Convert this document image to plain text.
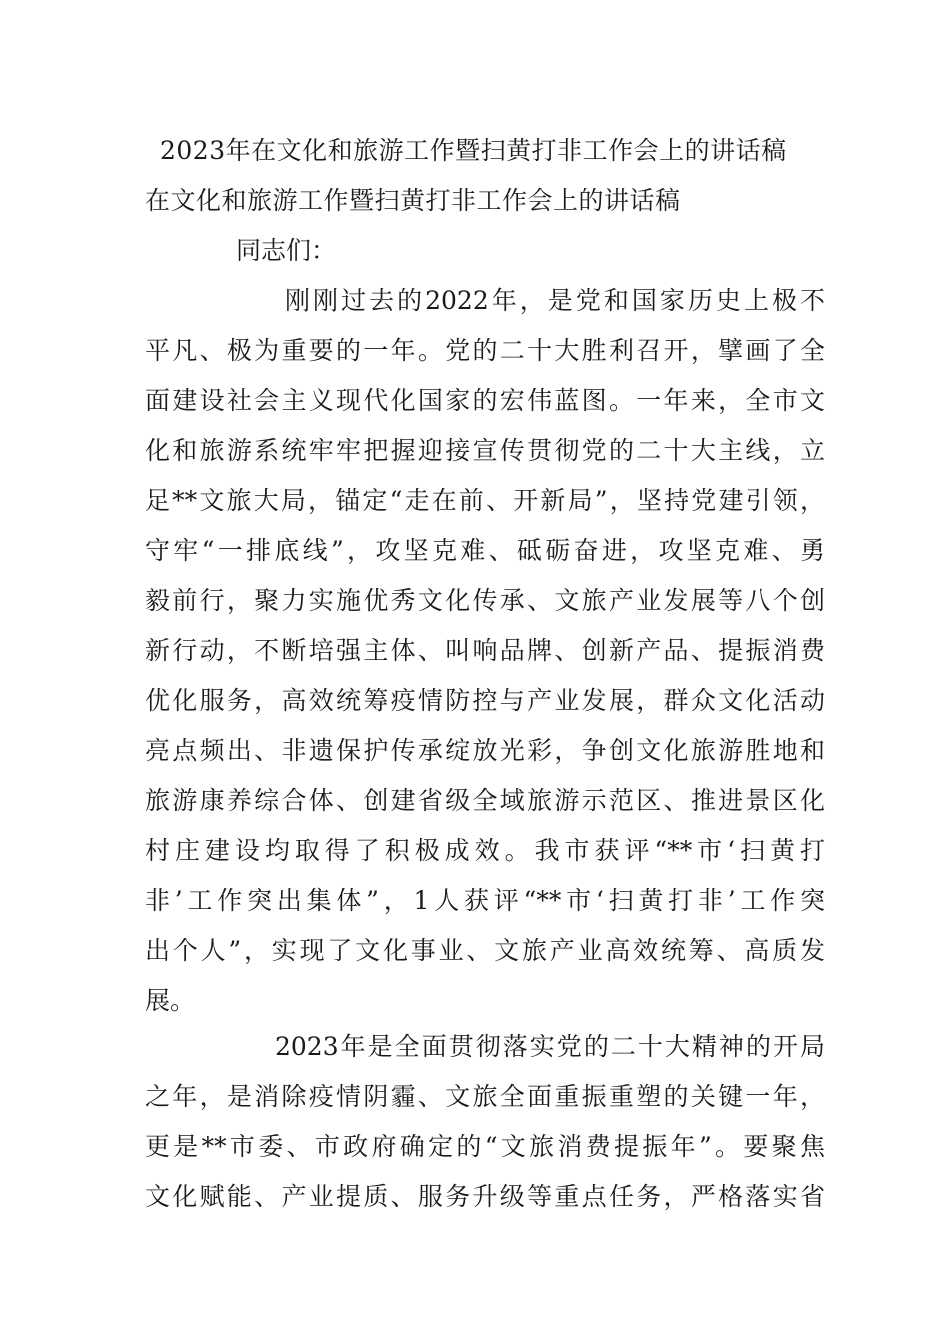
2023年在文化和旅游工作暨扫黄打非工作会上的讲话稿
在文化和旅游工作暨扫黄打非工作会上的讲话稿
同志们：
刚刚过去的2022年，是党和国家历史上极不
平凡、极为重要的一年。党的二十大胜利召开，擘画了全
面建设社会主义现代化国家的宏伟蓝图。一年来，全市文
化和旅游系统牢牢把握迎接宣传贯彻党的二十大主线，立
足**文旅大局，锚定“走在前、开新局”，坚持党建引领，
守牢“一排底线”，攻坚克难、砥砺奋进，攻坚克难、勇
毅前行，聚力实施优秀文化传承、文旅产业发展等八个创
新行动，不断培强主体、叫响品牌、创新产品、提振消费
优化服务，高效统筹疫情防控与产业发展，群众文化活动
亮点频出、非遗保护传承绽放光彩，争创文化旅游胜地和
旅游康养综合体、创建省级全域旅游示范区、推进景区化
村庄建设均取得了积极成效。我市获评“**市‘扫黄打
非’工作突出集体”，1人获评“**市‘扫黄打非’工作突
出个人”，实现了文化事业、文旅产业高效统筹、高质发
展。
2023年是全面贯彻落实党的二十大精神的开局
之年，是消除疫情阴霾、文旅全面重振重塑的关键一年，
更是**市委、市政府确定的“文旅消费提振年”。要聚焦
文化赋能、产业提质、服务升级等重点任务，严格落实省
